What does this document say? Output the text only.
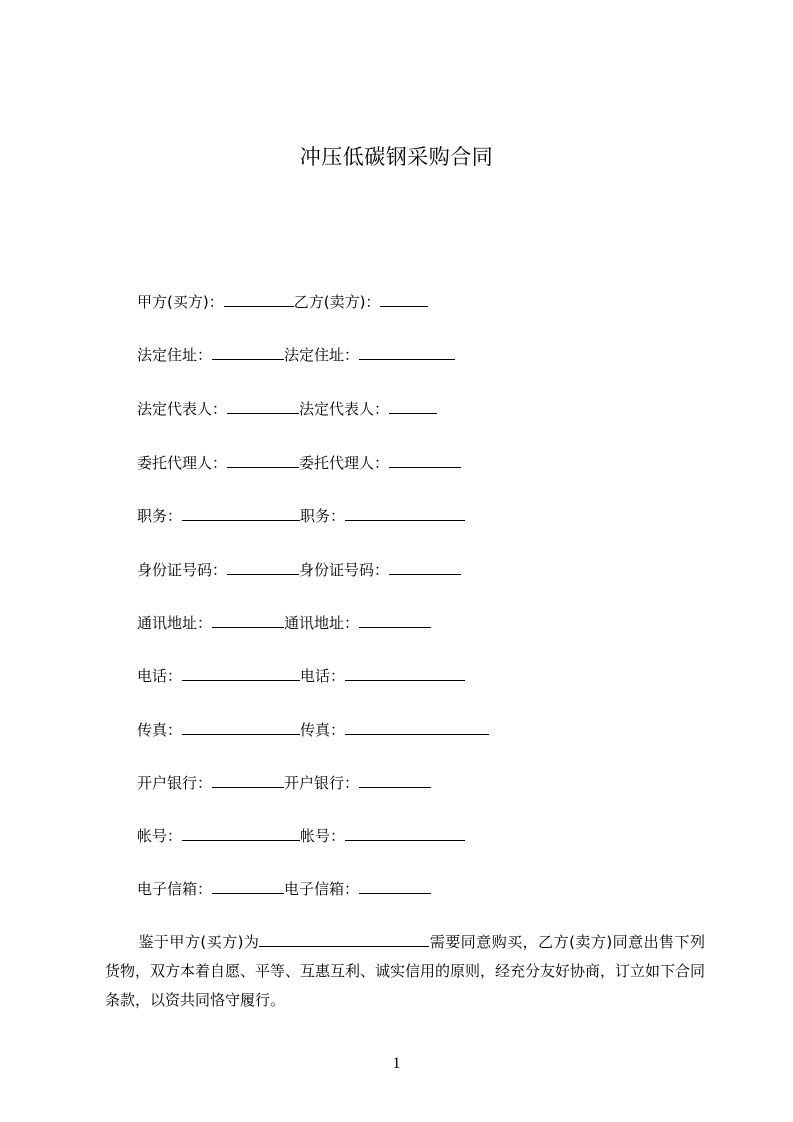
冲压低碳钢采购合同
甲方(买方)：	乙方(卖方)：
法定住址：	法定住址：
法定代表人：	法定代表人：
委托代理人：	委托代理人：
职务：	职务：
身份证号码：	身份证号码：
通讯地址：	通讯地址：
电话：	电话：
传真：	传真：
开户银行：	开户银行：
帐号：	帐号：
电子信箱：	电子信箱：
鉴于甲方(买方)为	需要同意购买，乙方(卖方)同意出售下列货物，双方本着自愿、平等、互惠互利、诚实信用的原则，经充分友好协商，订立如下合同条款，以资共同恪守履行。
1
